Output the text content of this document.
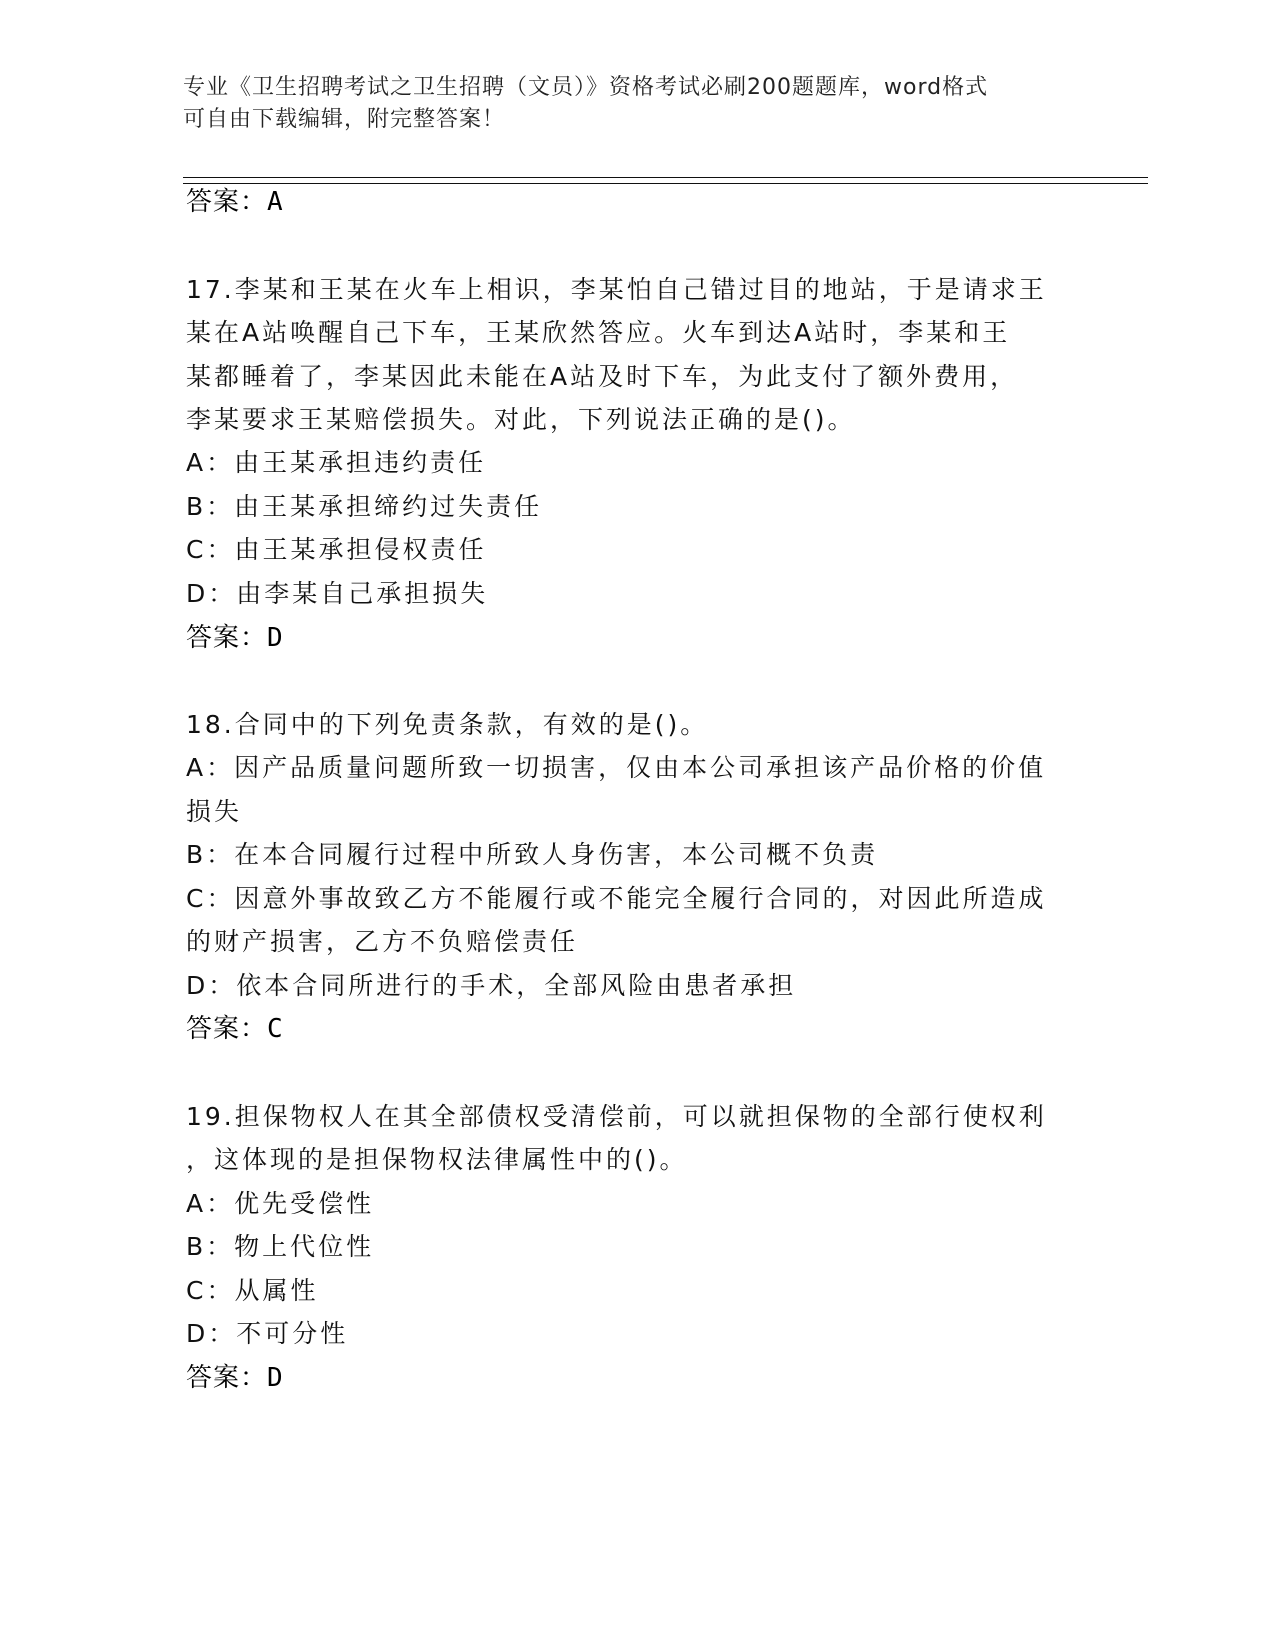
专业《卫生招聘考试之卫生招聘（文员）》资格考试必刷200题题库，word格式
可自由下载编辑，附完整答案！
答案：A
17.李某和王某在火车上相识，李某怕自己错过目的地站，于是请求王
某在A站唤醒自己下车，王某欣然答应。火车到达A站时，李某和王
某都睡着了，李某因此未能在A站及时下车，为此支付了额外费用，
李某要求王某赔偿损失。对此，下列说法正确的是()。
A：由王某承担违约责任
B：由王某承担缔约过失责任
C：由王某承担侵权责任
D：由李某自己承担损失
答案：D
18.合同中的下列免责条款，有效的是()。
A：因产品质量问题所致一切损害，仅由本公司承担该产品价格的价值
损失
B：在本合同履行过程中所致人身伤害，本公司概不负责
C：因意外事故致乙方不能履行或不能完全履行合同的，对因此所造成
的财产损害，乙方不负赔偿责任
D：依本合同所进行的手术，全部风险由患者承担
答案：C
19.担保物权人在其全部债权受清偿前，可以就担保物的全部行使权利
，这体现的是担保物权法律属性中的()。
A：优先受偿性
B：物上代位性
C：从属性
D：不可分性
答案：D
